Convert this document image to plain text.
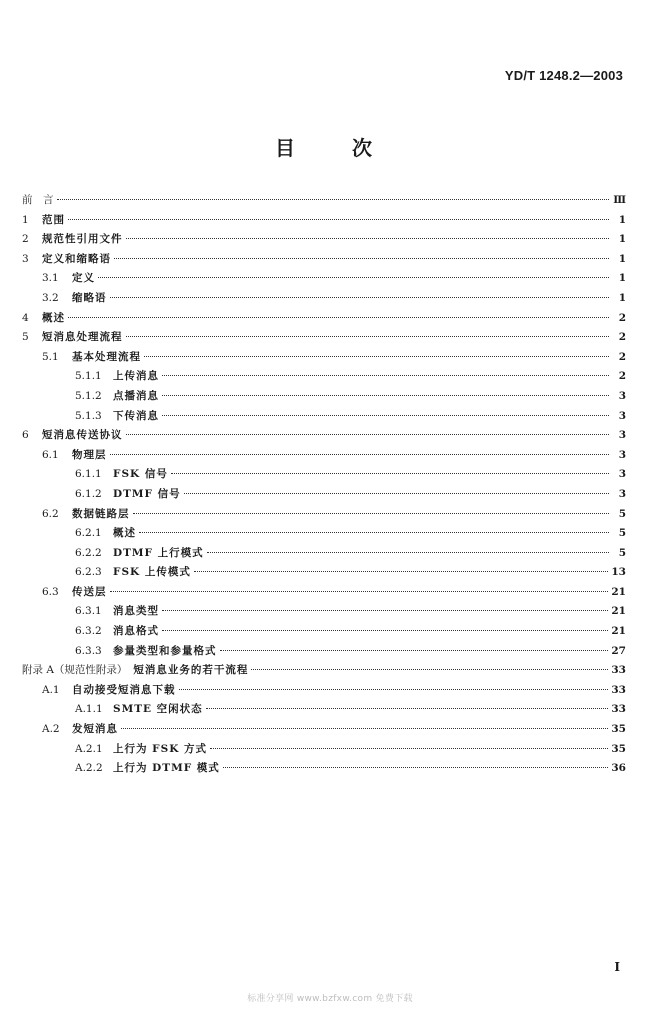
YD/T 1248.2—2003
目	次
前　言	Ⅲ
1	范围	1
2	规范性引用文件	1
3	定义和缩略语	1
3.1	定义	1
3.2	缩略语	1
4	概述	2
5	短消息处理流程	2
5.1	基本处理流程	2
5.1.1	上传消息	2
5.1.2	点播消息	3
5.1.3	下传消息	3
6	短消息传送协议	3
6.1	物理层	3
6.1.1	FSK 信号	3
6.1.2	DTMF 信号	3
6.2	数据链路层	5
6.2.1	概述	5
6.2.2	DTMF 上行模式	5
6.2.3	FSK 上传模式	13
6.3	传送层	21
6.3.1	消息类型	21
6.3.2	消息格式	21
6.3.3	参量类型和参量格式	27
附录 A（规范性附录） 短消息业务的若干流程	33
A.1	自动接受短消息下载	33
A.1.1 SMTE 空闲状态	33
A.2	发短消息	35
A.2.1 上行为 FSK 方式	35
A.2.2 上行为 DTMF 模式	36
I
标准分享网 www.bzfxw.com 免费下载
